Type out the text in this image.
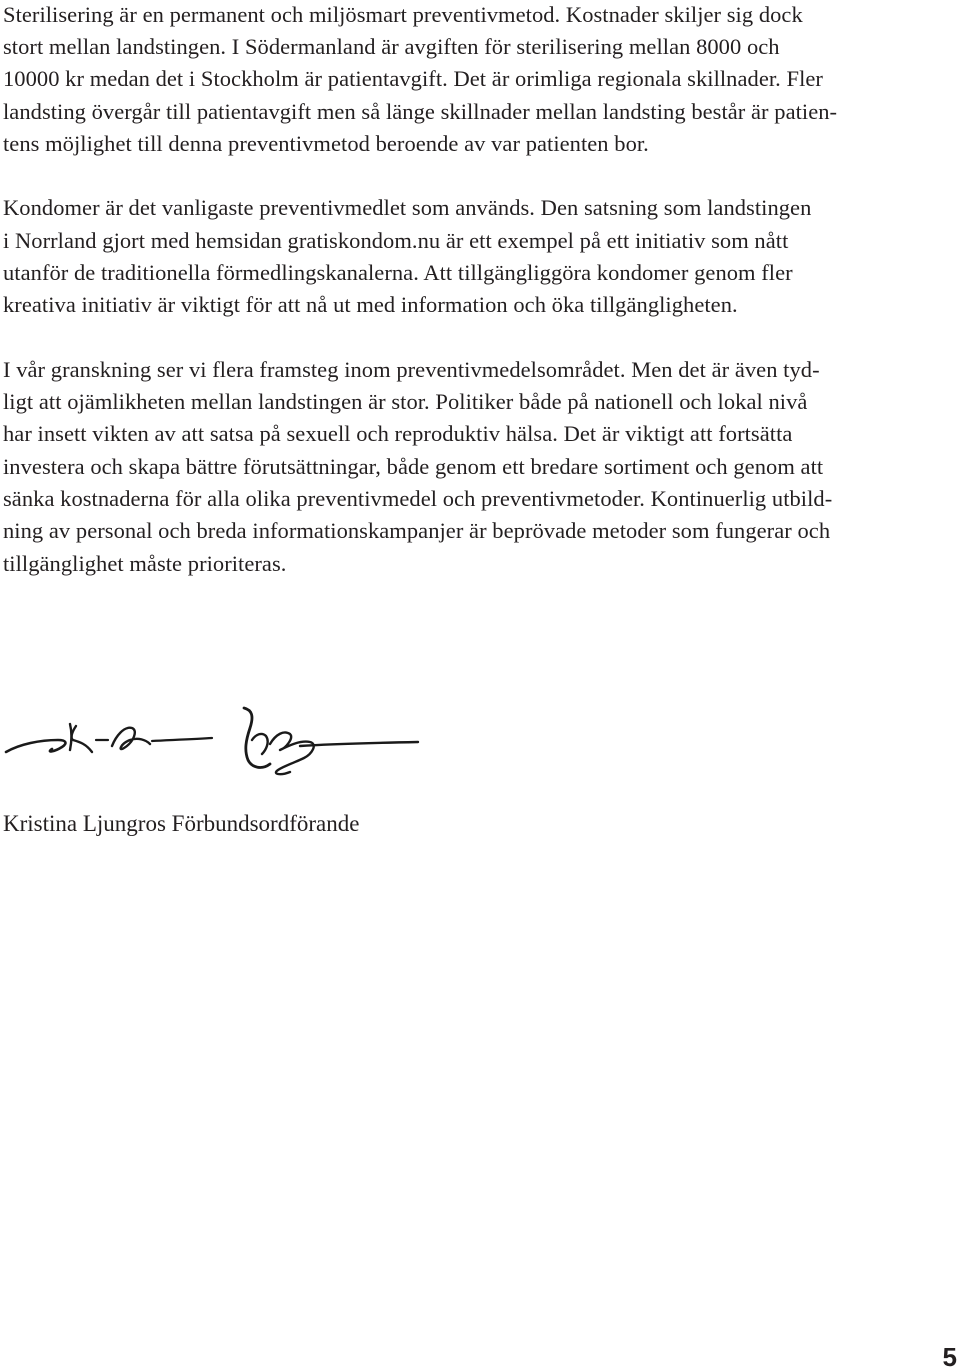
Sterilisering är en permanent och miljösmart preventivmetod. Kostnader skiljer sig dock
stort mellan landstingen. I Södermanland är avgiften för sterilisering mellan 8000 och
10000 kr medan det i Stockholm är patientavgift. Det är orimliga regionala skillnader. Fler
landsting övergår till patientavgift men så länge skillnader mellan landsting består är patien-
tens möjlighet till denna preventivmetod beroende av var patienten bor.
Kondomer är det vanligaste preventivmedlet som används. Den satsning som landstingen
i Norrland gjort med hemsidan gratiskondom.nu är ett exempel på ett initiativ som nått
utanför de traditionella förmedlingskanalerna. Att tillgängliggöra kondomer genom fler
kreativa initiativ är viktigt för att nå ut med information och öka tillgängligheten.
I vår granskning ser vi flera framsteg inom preventivmedelsområdet. Men det är även tyd-
ligt att ojämlikheten mellan landstingen är stor. Politiker både på nationell och lokal nivå
har insett vikten av att satsa på sexuell och reproduktiv hälsa. Det är viktigt att fortsätta
investera och skapa bättre förutsättningar, både genom ett bredare sortiment och genom att
sänka kostnaderna för alla olika preventivmedel och preventivmetoder. Kontinuerlig utbild-
ning av personal och breda informationskampanjer är beprövade metoder som fungerar och
tillgänglighet måste prioriteras.
Kristina Ljungros Förbundsordförande
5
